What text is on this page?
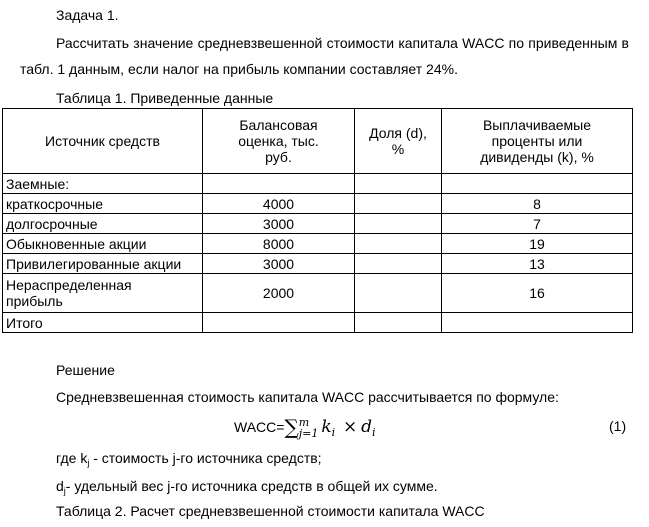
Задача 1.
Рассчитать значение средневзвешенной стоимости капитала WACC по приведенным в
табл. 1 данным, если налог на прибыль компании составляет 24%.
Таблица 1. Приведенные данные
Источник средств	Балансовая оценка, тыс. руб.	Доля (d), %	Выплачиваемые проценты или дивиденды (k), %
Заемные:			
краткосрочные	4000		8
долгосрочные	3000		7
Обыкновенные акции	8000		19
Привилегированные акции	3000		13
Нераспределенная прибыль	2000		16
Итого			
Решение
Средневзвешенная стоимость капитала WACC рассчитывается по формуле:
WACC=∑ m
j=1 $k_i \times d_i$	(1)
где $k_j$ - стоимость j-го источника средств;
$d_j-$ удельный вес j-го источника средств в общей их сумме.
Таблица 2. Расчет средневзвешенной стоимости капитала WACC
